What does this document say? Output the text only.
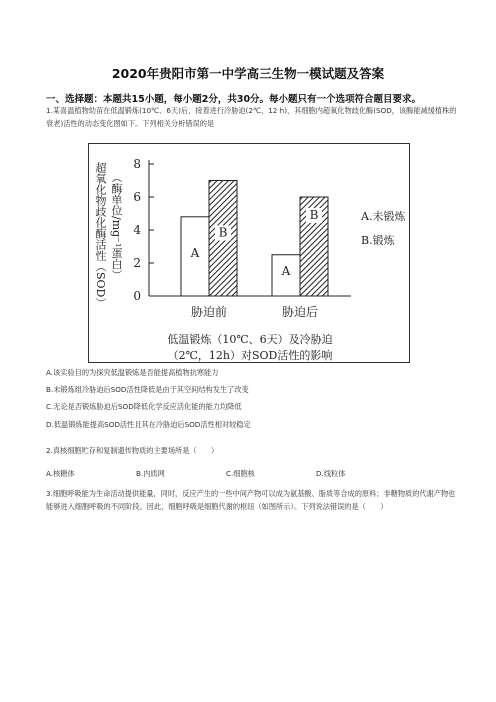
2020年贵阳市第一中学高三生物一模试题及答案
一、选择题：本题共15小题，每小题2分，共30分。每小题只有一个选项符合题目要求。
1.某喜温植物幼苗在低温锻炼(10℃、6天)后，接着进行冷胁迫(2℃、12 h)，其细胞内超氧化物歧化酶(SOD，该酶能减缓植株的衰老)活性的动态变化图如下。下列相关分析错误的是
超氧化物歧化酶活性（SOD） （酶单位/mg⁻¹蛋白）
0
2
4
6
8
A
B
胁迫前
A
B
胁迫后
A.未锻炼
B.锻炼
低温锻炼（10℃、6天）及冷胁迫
（2℃，12h）对SOD活性的影响
A.该实验目的为探究低温锻炼是否能提高植物抗寒能力
B.未锻炼组冷胁迫后SOD活性降低是由于其空间结构发生了改变
C.无论是否锻炼胁迫后SOD降低化学反应活化能的能力均降低
D.低温锻炼能提高SOD活性且其在冷胁迫后SOD活性相对较稳定
2.真核细胞贮存和复制遗传物质的主要场所是（　　）
A.核糖体	B.内质网	C.细胞核	D.线粒体
3.细胞呼吸能为生命活动提供能量，同时，反应产生的一些中间产物可以成为氨基酸、脂质等合成的原料；非糖物质的代谢产物也能够进入细胞呼吸的不同阶段。因此，细胞呼吸是细胞代谢的枢纽（如图所示）。下列说法错误的是（　　）
